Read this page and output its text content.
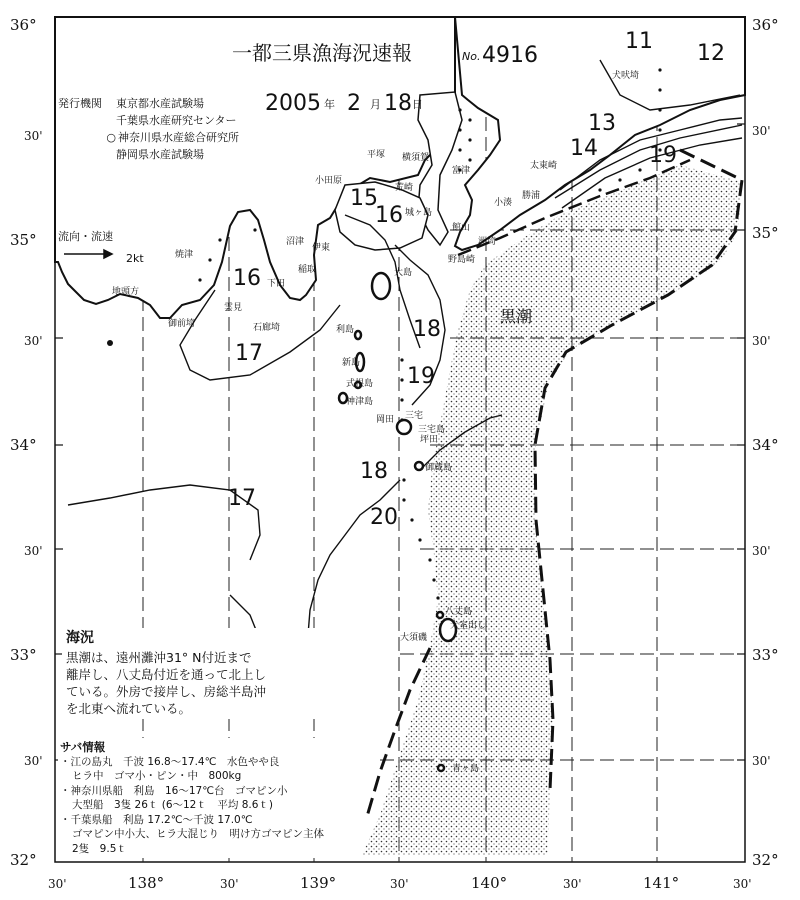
36°	36°
30'	30'
35°	35°
30'	30'
34°	34°
30'	30'
33°	33°
30'	30'
32°	32°
30'	138°	30'	139°	30'	140°	30'	141°	30'
一都三県漁海況速報	No. 4916
2005 年 2 月 18 日
11 12
13
14
15
16
16
17
17
18
18
19
19
20
黒潮
犬吠埼
太東崎
勝浦
小湊
館山
野島崎
富津
横須賀
平塚
小田原
荒崎
城ヶ島
大島
利島
新島
式根島
神津島
三宅島
御蔵島
八丈島
大室出し
大須磯
沼津
伊東
稲取
下田
石廊埼
焼津
地頭方
御前埼
青ヶ島
洲埼
岡田
坪田
雲見
三宅
発行機関	東京都水産試験場
千葉県水産研究センター
○ 神奈川県水産総合研究所
静岡県水産試験場
流向・流速
2kt
海況
黒潮は、遠州灘沖31° N付近まで
離岸し、八丈島付近を通って北上し
ている。外房で接岸し、房総半島沖
を北東へ流れている。
サバ情報
・江の島丸　千波 16.8～17.4℃　水色やや良
ヒラ中　ゴマ小・ピン・中　800kg
・神奈川県船　利島　16～17℃台　ゴマピン小
大型船　3隻 26ｔ (6～12ｔ　平均 8.6ｔ)
・千葉県船　利島 17.2℃～千波 17.0℃
ゴマピン中小大、ヒラ大混じり　明け方ゴマピン主体
2隻　9.5ｔ
